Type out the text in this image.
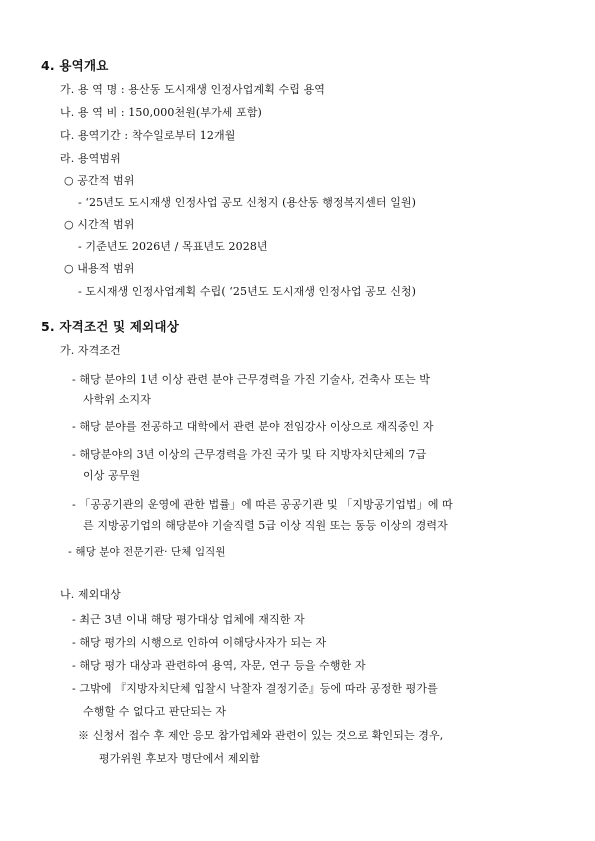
4. 용역개요
가. 용 역 명 : 용산동 도시재생 인정사업계획 수립 용역
나. 용 역 비 : 150,000천원(부가세 포함)
다. 용역기간 : 착수일로부터 12개월
라. 용역범위
○ 공간적 범위
- ‘25년도 도시재생 인정사업 공모 신청지 (용산동 행정복지센터 일원)
○ 시간적 범위
- 기준년도 2026년 / 목표년도 2028년
○ 내용적 범위
- 도시재생 인정사업계획 수립( ‘25년도 도시재생 인정사업 공모 신청)
5. 자격조건 및 제외대상
가. 자격조건
- 해당 분야의 1년 이상 관련 분야 근무경력을 가진 기술사, 건축사 또는 박
사학위 소지자
- 해당 분야를 전공하고 대학에서 관련 분야 전임강사 이상으로 재직중인 자
- 해당분야의 3년 이상의 근무경력을 가진 국가 및 타 지방자치단체의 7급
이상 공무원
- 「공공기관의 운영에 관한 법률」에 따른 공공기관 및 「지방공기업법」에 따
른 지방공기업의 해당분야 기술직렬 5급 이상 직원 또는 동등 이상의 경력자
- 해당 분야 전문기관· 단체 임직원
나. 제외대상
- 최근 3년 이내 해당 평가대상 업체에 재직한 자
- 해당 평가의 시행으로 인하여 이해당사자가 되는 자
- 해당 평가 대상과 관련하여 용역, 자문, 연구 등을 수행한 자
- 그밖에 『지방자치단체 입찰시 낙찰자 결정기준』등에 따라 공정한 평가를
수행할 수 없다고 판단되는 자
※ 신청서 접수 후 제안 응모 참가업체와 관련이 있는 것으로 확인되는 경우,
평가위원 후보자 명단에서 제외함
